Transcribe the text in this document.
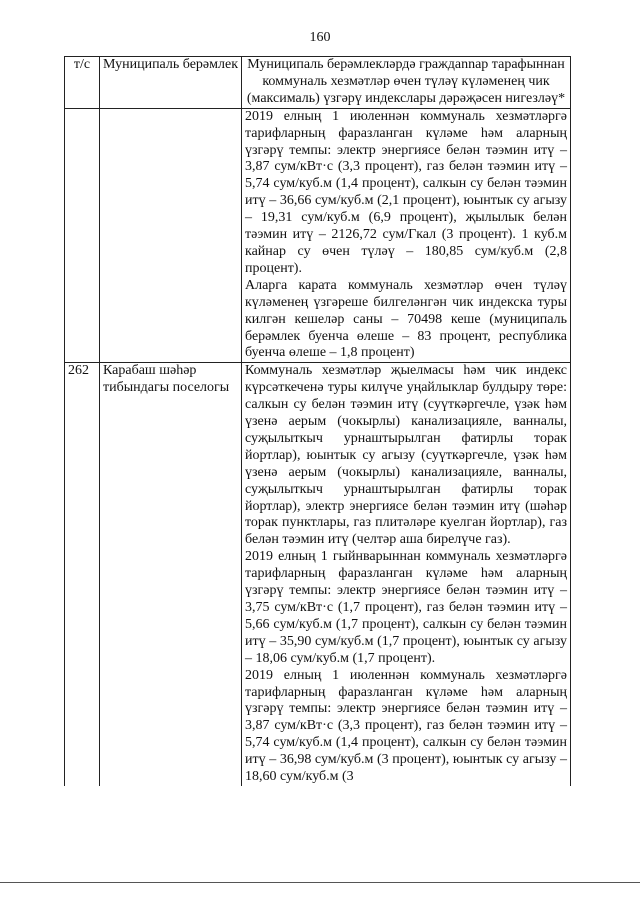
160
т/с	Муниципаль берәмлек	Муниципаль берәмлекләрдә граждannар тарафыннан коммуналь хезмәтләр өчен түләү күләменең чик (максималь) үзгәрү индекслары дәрәҗәсен нигезләү*

		2019 елның 1 июленнән коммуналь хезмәтләргә тарифларның фаразланган күләме һәм аларның үзгәрү темпы: электр энергиясе белән тәэмин итү – 3,87 сум/кВт·с (3,3 процент), газ белән тәэмин итү – 5,74 сум/куб.м (1,4 процент), салкын су белән тәэмин итү – 36,66 сум/куб.м (2,1 процент), юынтык су агызу – 19,31 сум/куб.м (6,9 процент), җылылык белән тәэмин итү – 2126,72 сум/Гкал (3 процент). 1 куб.м кайнар су өчен түләү – 180,85 сум/куб.м (2,8 процент).

Аларга карата коммуналь хезмәтләр өчен түләү күләменең үзгәреше билгеләнгән чик индекска туры килгән кешеләр саны – 70498 кеше (муниципаль берәмлек буенча өлеше – 83 процент, республика буенча өлеше – 1,8 процент)

262	Карабаш шәһәр тибындагы поселогы	Коммуналь хезмәтләр җыелмасы һәм чик индекс күрсәткеченә туры килүче уңайлыклар булдыру төре: салкын су белән тәэмин итү (суүткәргечле, үзәк һәм үзенә аерым (чокырлы) канализацияле, ванналы, суҗылыткыч урнаштырылган фатирлы торак йортлар), юынтык су агызу (суүткәргечле, үзәк һәм үзенә аерым (чокырлы) канализацияле, ванналы, суҗылыткыч урнаштырылган фатирлы торак йортлар), электр энергиясе белән тәэмин итү (шәһәр торак пунктлары, газ плитәләре куелган йортлар), газ белән тәэмин итү (челтәр аша бирелүче газ).

2019 елның 1 гыйнварыннан коммуналь хезмәтләргә тарифларның фаразланган күләме һәм аларның үзгәрү темпы: электр энергиясе белән тәэмин итү – 3,75 сум/кВт·с (1,7 процент), газ белән тәэмин итү – 5,66 сум/куб.м (1,7 процент), салкын су белән тәэмин итү – 35,90 сум/куб.м (1,7 процент), юынтык су агызу – 18,06 сум/куб.м (1,7 процент).

2019 елның 1 июленнән коммуналь хезмәтләргә тарифларның фаразланган күләме һәм аларның үзгәрү темпы: электр энергиясе белән тәэмин итү – 3,87 сум/кВт·с (3,3 процент), газ белән тәэмин итү – 5,74 сум/куб.м (1,4 процент), салкын су белән тәэмин итү – 36,98 сум/куб.м (3 процент), юынтык су агызу – 18,60 сум/куб.м (3
